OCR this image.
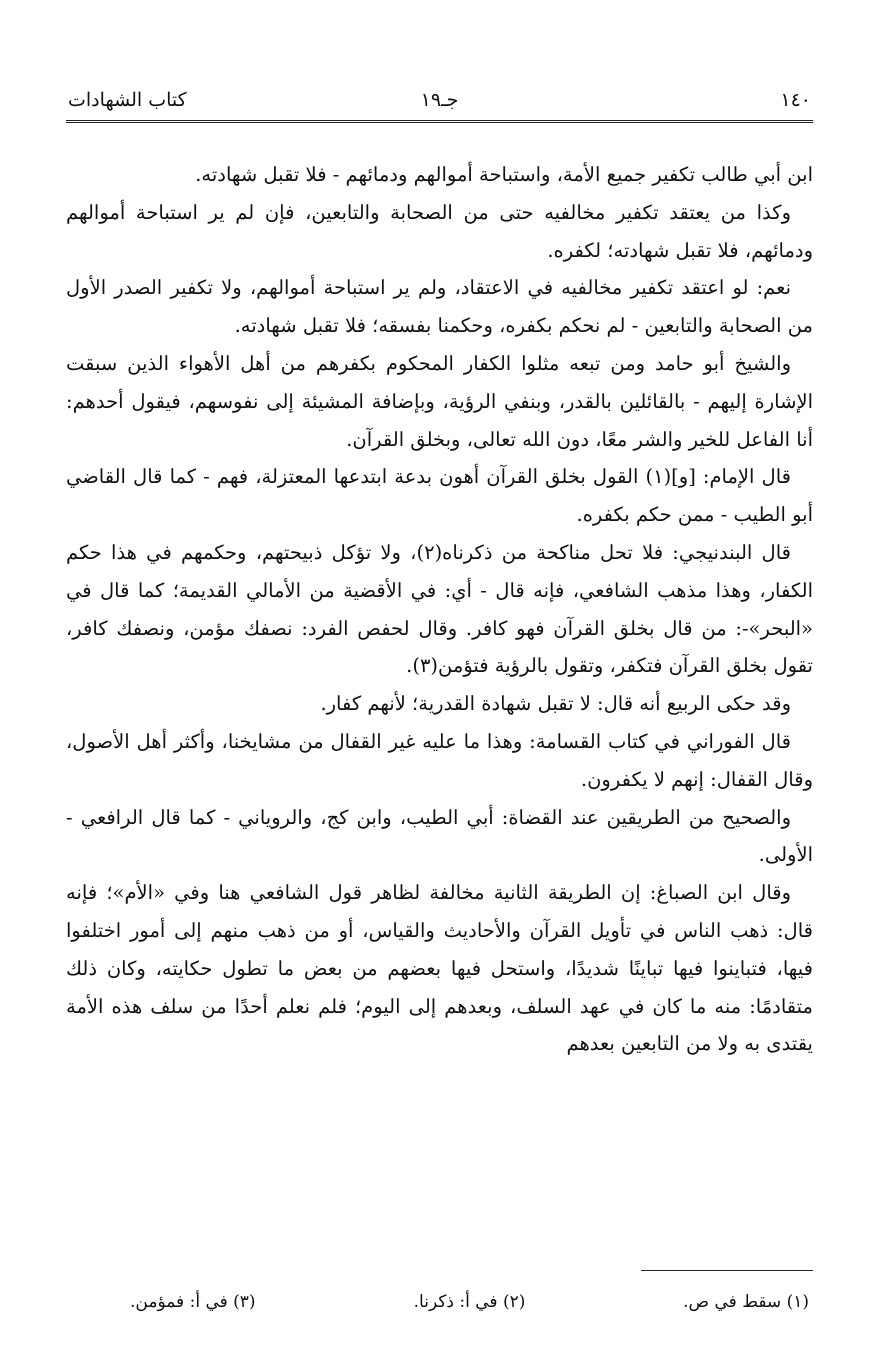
١٤٠
جـ١٩
كتاب الشهادات

ابن أبي طالب تكفير جميع الأمة، واستباحة أموالهم ودمائهم - فلا تقبل شهادته.

وكذا من يعتقد تكفير مخالفيه حتى من الصحابة والتابعين، فإن لم ير استباحة أموالهم ودمائهم، فلا تقبل شهادته؛ لكفره.

نعم: لو اعتقد تكفير مخالفيه في الاعتقاد، ولم ير استباحة أموالهم، ولا تكفير الصدر الأول من الصحابة والتابعين - لم نحكم بكفره، وحكمنا بفسقه؛ فلا تقبل شهادته.

والشيخ أبو حامد ومن تبعه مثلوا الكفار المحكوم بكفرهم من أهل الأهواء الذين سبقت الإشارة إليهم - بالقائلين بالقدر، وبنفي الرؤية، وبإضافة المشيئة إلى نفوسهم، فيقول أحدهم: أنا الفاعل للخير والشر معًا، دون الله تعالى، وبخلق القرآن.

قال الإمام: [و](١) القول بخلق القرآن أهون بدعة ابتدعها المعتزلة، فهم - كما قال القاضي أبو الطيب - ممن حكم بكفره.

قال البندنيجي: فلا تحل مناكحة من ذكرناه(٢)، ولا تؤكل ذبيحتهم، وحكمهم في هذا حكم الكفار، وهذا مذهب الشافعي، فإنه قال - أي: في الأقضية من الأمالي القديمة؛ كما قال في «البحر»-: من قال بخلق القرآن فهو كافر. وقال لحفص الفرد: نصفك مؤمن، ونصفك كافر، تقول بخلق القرآن فتكفر، وتقول بالرؤية فتؤمن(٣).

وقد حكى الربيع أنه قال: لا تقبل شهادة القدرية؛ لأنهم كفار.

قال الفوراني في كتاب القسامة: وهذا ما عليه غير القفال من مشايخنا، وأكثر أهل الأصول، وقال القفال: إنهم لا يكفرون.

والصحيح من الطريقين عند القضاة: أبي الطيب، وابن كج، والروياني - كما قال الرافعي - الأولى.

وقال ابن الصباغ: إن الطريقة الثانية مخالفة لظاهر قول الشافعي هنا وفي «الأم»؛ فإنه قال: ذهب الناس في تأويل القرآن والأحاديث والقياس، أو من ذهب منهم إلى أمور اختلفوا فيها، فتباينوا فيها تباينًا شديدًا، واستحل فيها بعضهم من بعض ما تطول حكايته، وكان ذلك متقادمًا: منه ما كان في عهد السلف، وبعدهم إلى اليوم؛ فلم نعلم أحدًا من سلف هذه الأمة يقتدى به ولا من التابعين بعدهم

(١) سقط في ص.
(٢) في أ: ذكرنا.
(٣) في أ: فمؤمن.
